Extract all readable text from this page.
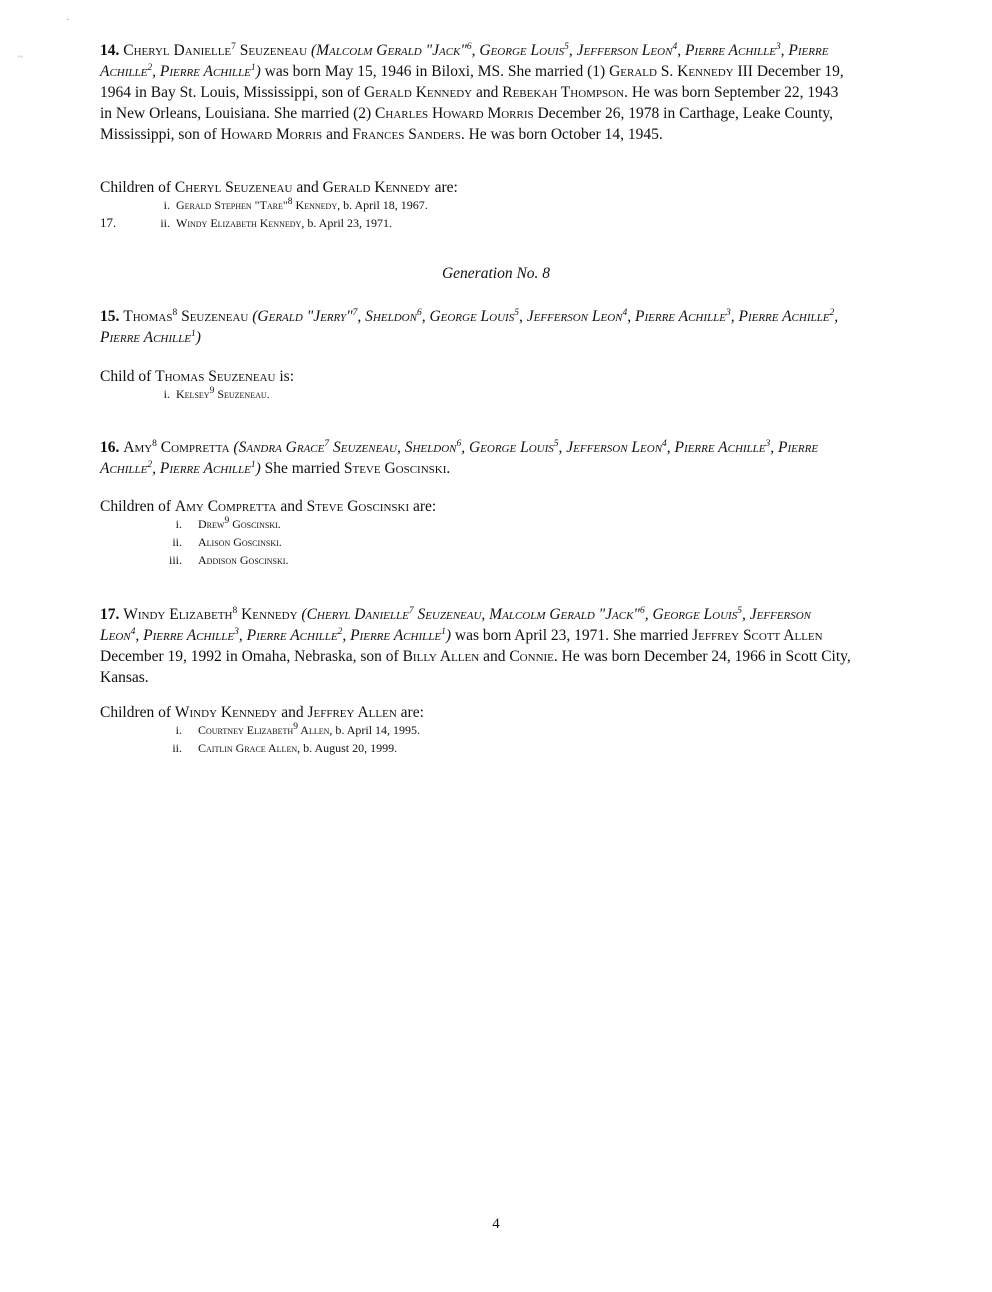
-
~	14. Cheryl Danielle$^7$ Seuzeneau (Malcolm Gerald "Jack"$^6$, George Louis$^5$, Jefferson Leon$^4$, Pierre Achille$^3$, Pierre Achille$^2$, Pierre Achille$^1$) was born May 15, 1946 in Biloxi, MS. She married (1) Gerald S. Kennedy III December 19, 1964 in Bay St. Louis, Mississippi, son of Gerald Kennedy and Rebekah Thompson. He was born September 22, 1943 in New Orleans, Louisiana. She married (2) Charles Howard Morris December 26, 1978 in Carthage, Leake County, Mississippi, son of Howard Morris and Frances Sanders. He was born October 14, 1945.
Children of Cheryl Seuzeneau and Gerald Kennedy are:
i. Gerald Stephen "Tare"$^8$ Kennedy, b. April 18, 1967.
17.	ii. Windy Elizabeth Kennedy, b. April 23, 1971.
Generation No. 8
15. Thomas$^8$ Seuzeneau (Gerald "Jerry"$^7$, Sheldon$^6$, George Louis$^5$, Jefferson Leon$^4$, Pierre Achille$^3$, Pierre Achille$^2$, Pierre Achille$^1$)
Child of Thomas Seuzeneau is:
i. Kelsey$^9$ Seuzeneau.
16. Amy$^8$ Compretta (Sandra Grace$^7$ Seuzeneau, Sheldon$^6$, George Louis$^5$, Jefferson Leon$^4$, Pierre Achille$^3$, Pierre Achille$^2$, Pierre Achille$^1$) She married Steve Goscinski.
Children of Amy Compretta and Steve Goscinski are:
i. Drew$^9$ Goscinski.
ii. Alison Goscinski.
iii. Addison Goscinski.
17. Windy Elizabeth$^8$ Kennedy (Cheryl Danielle$^7$ Seuzeneau, Malcolm Gerald "Jack"$^6$, George Louis$^5$, Jefferson Leon$^4$, Pierre Achille$^3$, Pierre Achille$^2$, Pierre Achille$^1$) was born April 23, 1971. She married Jeffrey Scott Allen December 19, 1992 in Omaha, Nebraska, son of Billy Allen and Connie. He was born December 24, 1966 in Scott City, Kansas.
Children of Windy Kennedy and Jeffrey Allen are:
i. Courtney Elizabeth$^9$ Allen, b. April 14, 1995.
ii. Caitlin Grace Allen, b. August 20, 1999.
4
